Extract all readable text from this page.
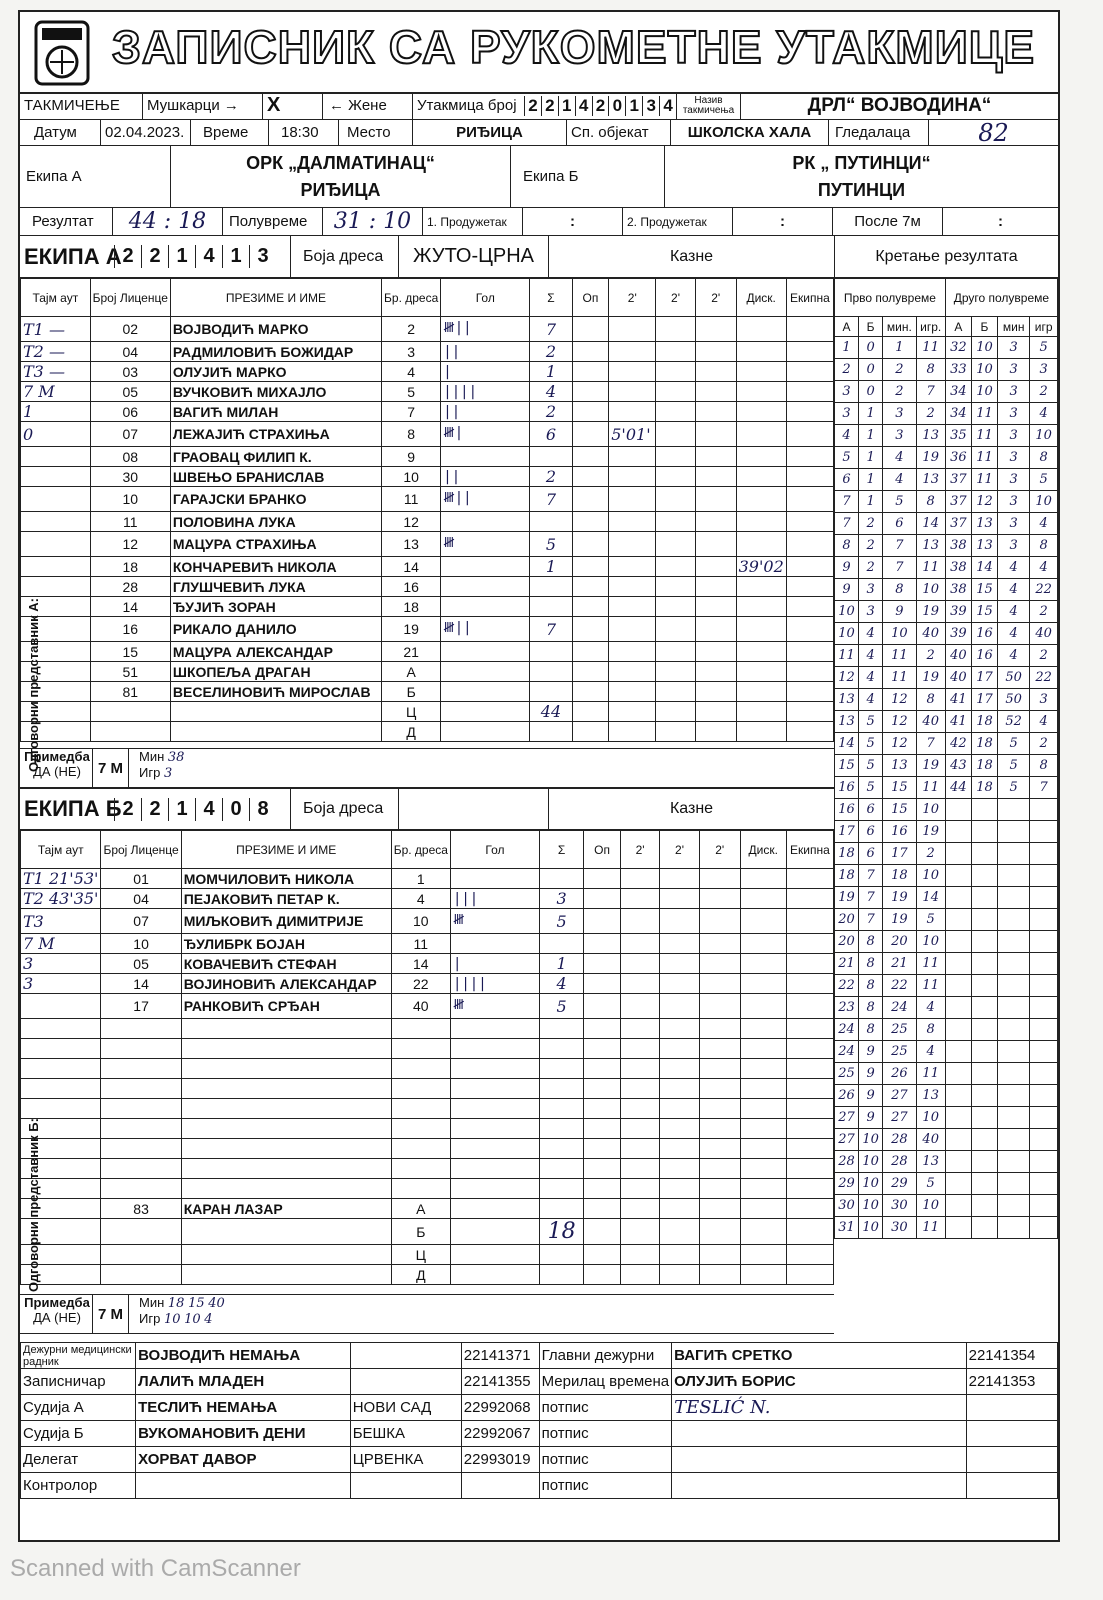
ЗАПИСНИК СА РУКОМЕТНЕ УТАКМИЦЕ
ТАКМИЧЕЊЕ	Мушкарци →	X	← Жене	Утакмица број 2 2 1 4 2 0 1 3 4	Назив такмичења	ДРЛ“ ВОЈВОДИНА“
Датум	02.04.2023.	Време	18:30	Место	РИЂИЦА	Сп. објекат	ШКОЛСКА ХАЛА	Гледалаца	82
Екипа А
ОРК „ДАЛМАТИНАЦ“
РИЂИЦА
Екипа Б
РК „ ПУТИНЦИ“
ПУТИНЦИ
Резултат	44 : 18	Полувреме	31 : 10	1. Продужетак	:	2. Продужетак	:	После 7м	:
ЕКИПА А 2 2 1 4 1 3	Боја дреса	ЖУТО-ЦРНА	Казне	Кретање резултата
Тајм аут	Број Лиценце	ПРЕЗИМЕ И ИМЕ	Бр. дреса	Гол	Σ	Оп	2'	2'	2'	Диск.	Екипна
T1 —	02	ВОЈВОДИЋ МАРКО	2	𝍸||	7						
T2 —	04	РАДМИЛОВИЋ БОЖИДАР	3	||	2						
T3 —	03	ОЛУЈИЋ МАРКО	4	|	1						
7 M	05	ВУЧКОВИЋ МИХАЈЛО	5	||||	4						
1	06	ВАГИЋ МИЛАН	7	||	2						
0	07	ЛЕЖАЈИЋ СТРАХИЊА	8	𝍸|	6		5'01'				
	08	ГРАОВАЦ ФИЛИП К.	9								
	30	ШВЕЊО БРАНИСЛАВ	10	||	2						
	10	ГАРАЈСКИ БРАНКО	11	𝍸||	7						
	11	ПОЛОВИНА ЛУКА	12								
	12	МАЦУРА СТРАХИЊА	13	𝍸	5						
	18	КОНЧАРЕВИЋ НИКОЛА	14		1					39'02	
	28	ГЛУШЧЕВИЋ ЛУКА	16								
	14	ЂУЈИЋ ЗОРАН	18								
	16	РИКАЛО ДАНИЛО	19	𝍸||	7						
	15	МАЦУРА АЛЕКСАНДАР	21								
	51	ШКОПЕЉА ДРАГАН	А								
	81	ВЕСЕЛИНОВИЋ МИРОСЛАВ	Б								
			Ц		44						
			Д								
Одговорни представник А:
Прво полувреме				Друго полувреме			
А	Б	мин.	игр.	А	Б	мин	игр
1	0	1	11	32	10	3	5
2	0	2	8	33	10	3	3
3	0	2	7	34	10	3	2
3	1	3	2	34	11	3	4
4	1	3	13	35	11	3	10
5	1	4	19	36	11	3	8
6	1	4	13	37	11	3	5
7	1	5	8	37	12	3	10
7	2	6	14	37	13	3	4
8	2	7	13	38	13	3	8
9	2	7	11	38	14	4	4
9	3	8	10	38	15	4	22
10	3	9	19	39	15	4	2
10	4	10	40	39	16	4	40
11	4	11	2	40	16	4	2
12	4	11	19	40	17	50	22
13	4	12	8	41	17	50	3
13	5	12	40	41	18	52	4
14	5	12	7	42	18	5	2
15	5	13	19	43	18	5	8
16	5	15	11	44	18	5	7
16	6	15	10				
17	6	16	19				
18	6	17	2				
18	7	18	10				
19	7	19	14				
20	7	19	5				
20	8	20	10				
21	8	21	11				
22	8	22	11				
23	8	24	4				
24	8	25	8				
24	9	25	4				
25	9	26	11				
26	9	27	13				
27	9	27	10				
27	10	28	40				
28	10	28	13				
29	10	29	5				
30	10	30	10				
31	10	30	11				
Примедба
ДА (НЕ)	7 M
Мин 38
Игр 3
ЕКИПА Б 2 2 1 4 0 8	Боја дреса	Казне
Тајм аут	Број Лиценце	ПРЕЗИМЕ И ИМЕ	Бр. дреса	Гол	Σ	Оп	2'	2'	2'	Диск.	Екипна
T1 21'53'	01	МОМЧИЛОВИЋ НИКОЛА	1								
T2 43'35'	04	ПЕЈАКОВИЋ ПЕТАР К.	4	|||	3						
T3	07	МИЉКОВИЋ ДИМИТРИЈЕ	10	𝍸	5						
7 M	10	ЂУЛИБРК БОЈАН	11								
3	05	КОВАЧЕВИЋ СТЕФАН	14	|	1						
3	14	ВОЈИНОВИЋ АЛЕКСАНДАР	22	||||	4						
	17	РАНКОВИЋ СРЂАН	40	𝍸	5						

	83	КАРАН ЛАЗАР	А								
			Б		18						
			Ц								
			Д								
Одговорни представник Б:
Примедба
ДА (НЕ)	7 M
Мин 18 15 40
Игр 10 10 4
Дежурни медицински радник	ВОЈВОДИЋ НЕМАЊА		22141371	Главни дежурни	ВАГИЋ СРЕТКО	22141354
Записничар	ЛАЛИЋ МЛАДЕН		22141355	Мерилац времена	ОЛУЈИЋ БОРИС	22141353
Судија А	ТЕСЛИЋ НЕМАЊА	НОВИ САД	22992068	потпис	TESLIĆ N.	
Судија Б	ВУКОМАНОВИЋ ДЕНИ	БЕШКА	22992067	потпис		
Делегат	ХОРВАТ ДАВОР	ЦРВЕНКА	22993019	потпис		
Контролор				потпис		
Scanned with CamScanner
